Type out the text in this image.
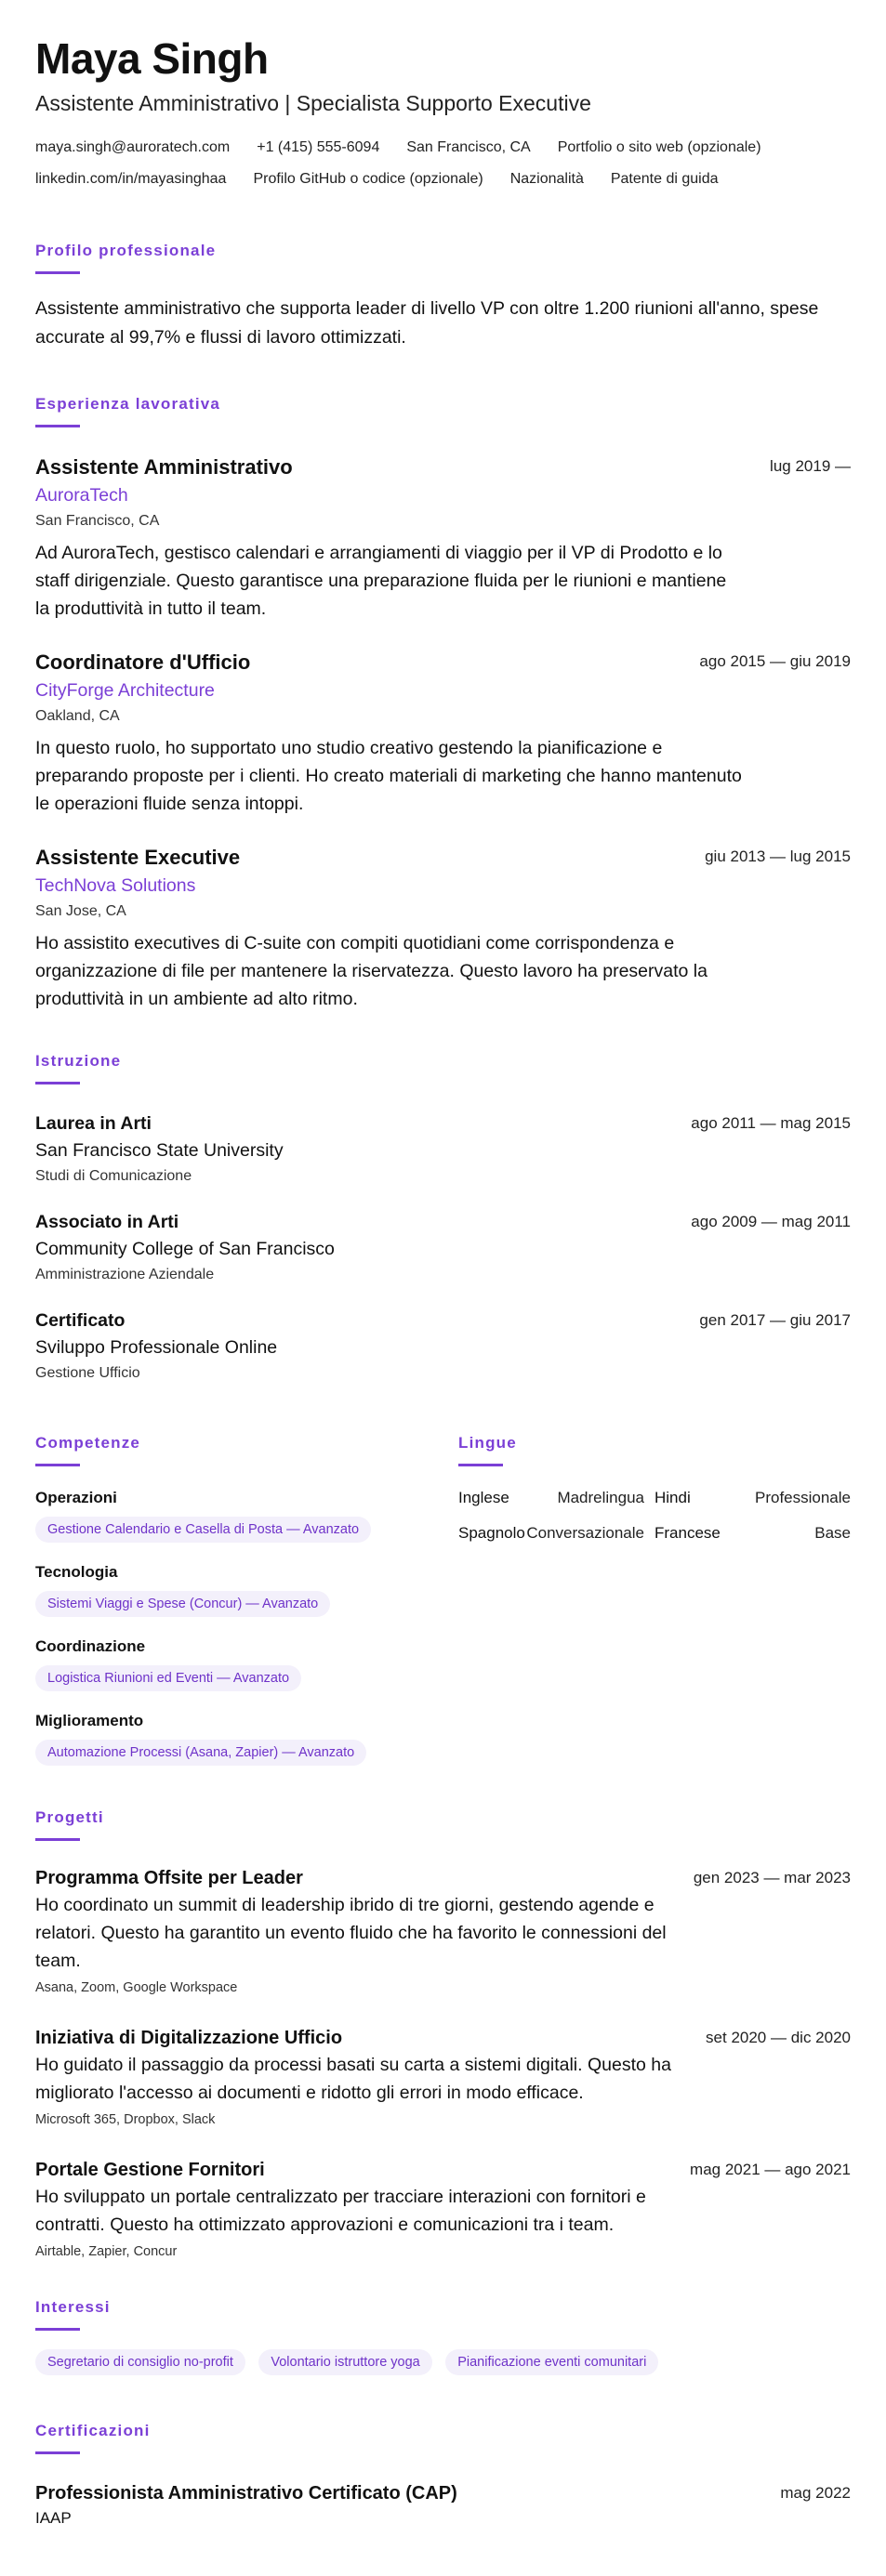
Maya Singh
Assistente Amministrativo | Specialista Supporto Executive
maya.singh@auroratech.com +1 (415) 555-6094 San Francisco, CA Portfolio o sito web (opzionale)
linkedin.com/in/mayasinghaa Profilo GitHub o codice (opzionale) Nazionalità Patente di guida
Profilo professionale
Assistente amministrativo che supporta leader di livello VP con oltre 1.200 riunioni all'anno, spese accurate al 99,7% e flussi di lavoro ottimizzati.
Esperienza lavorativa
Assistente Amministrativo	lug 2019 —
AuroraTech
San Francisco, CA
Ad AuroraTech, gestisco calendari e arrangiamenti di viaggio per il VP di Prodotto e lo staff dirigenziale. Questo garantisce una preparazione fluida per le riunioni e mantiene la produttività in tutto il team.
Coordinatore d'Ufficio	ago 2015 — giu 2019
CityForge Architecture
Oakland, CA
In questo ruolo, ho supportato uno studio creativo gestendo la pianificazione e preparando proposte per i clienti. Ho creato materiali di marketing che hanno mantenuto le operazioni fluide senza intoppi.
Assistente Executive	giu 2013 — lug 2015
TechNova Solutions
San Jose, CA
Ho assistito executives di C-suite con compiti quotidiani come corrispondenza e organizzazione di file per mantenere la riservatezza. Questo lavoro ha preservato la produttività in un ambiente ad alto ritmo.
Istruzione
Laurea in Arti	ago 2011 — mag 2015
San Francisco State University
Studi di Comunicazione
Associato in Arti	ago 2009 — mag 2011
Community College of San Francisco
Amministrazione Aziendale
Certificato	gen 2017 — giu 2017
Sviluppo Professionale Online
Gestione Ufficio
Competenze
Operazioni
Gestione Calendario e Casella di Posta — Avanzato
Tecnologia
Sistemi Viaggi e Spese (Concur) — Avanzato
Coordinazione
Logistica Riunioni ed Eventi — Avanzato
Miglioramento
Automazione Processi (Asana, Zapier) — Avanzato
Lingue
Inglese	Madrelingua Hindi	Professionale
Spagnolo Conversazionale Francese	Base
Progetti
Programma Offsite per Leader	gen 2023 — mar 2023
Ho coordinato un summit di leadership ibrido di tre giorni, gestendo agende e relatori. Questo ha garantito un evento fluido che ha favorito le connessioni del team.
Asana, Zoom, Google Workspace
Iniziativa di Digitalizzazione Ufficio	set 2020 — dic 2020
Ho guidato il passaggio da processi basati su carta a sistemi digitali. Questo ha migliorato l'accesso ai documenti e ridotto gli errori in modo efficace.
Microsoft 365, Dropbox, Slack
Portale Gestione Fornitori	mag 2021 — ago 2021
Ho sviluppato un portale centralizzato per tracciare interazioni con fornitori e contratti. Questo ha ottimizzato approvazioni e comunicazioni tra i team.
Airtable, Zapier, Concur
Interessi
Segretario di consiglio no-profit	Volontario istruttore yoga	Pianificazione eventi comunitari
Certificazioni
Professionista Amministrativo Certificato (CAP)	mag 2022
IAAP
